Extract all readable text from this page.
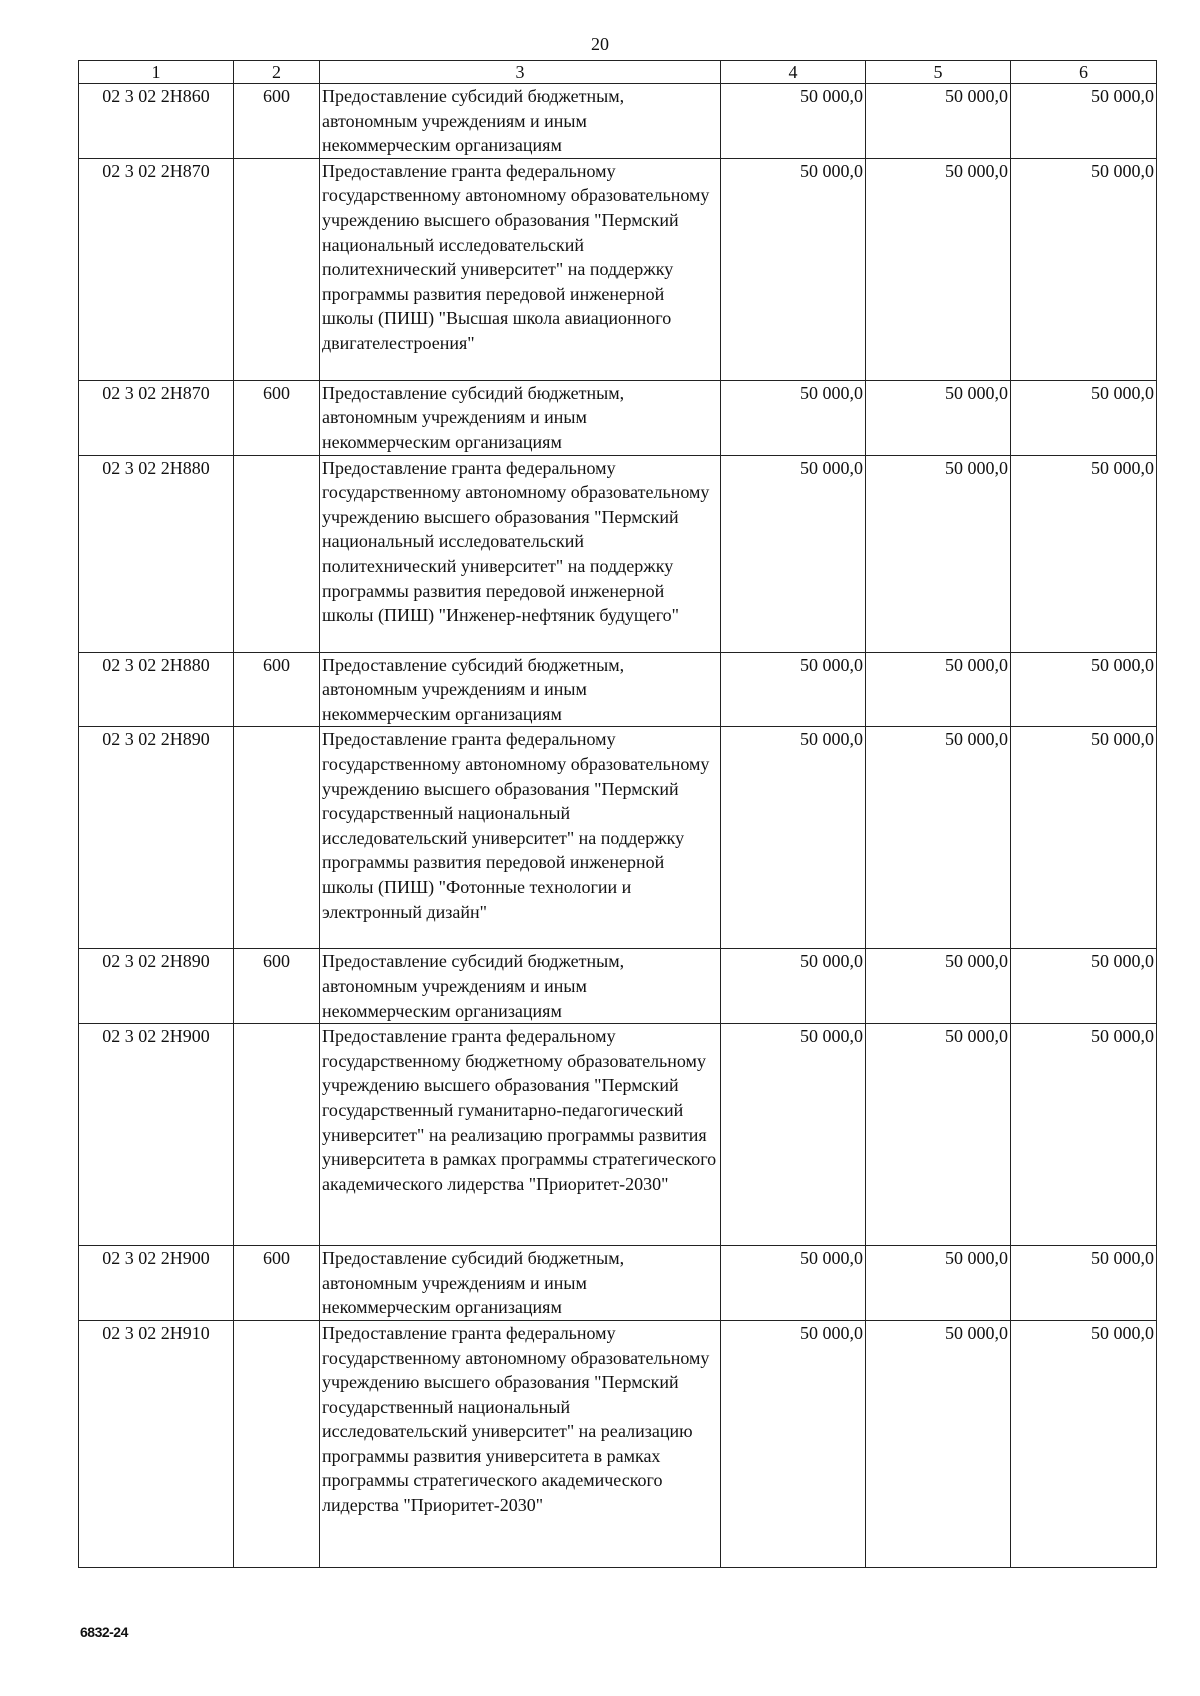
20
1	2	3	4	5	6
02 3 02 2Н860	600	Предоставление субсидий бюджетным, автономным учреждениям и иным некоммерческим организациям	50 000,0	50 000,0	50 000,0
02 3 02 2Н870		Предоставление гранта федеральному государственному автономному образовательному учреждению высшего образования "Пермский национальный исследовательский политехнический университет" на поддержку программы развития передовой инженерной школы (ПИШ) "Высшая школа авиационного двигателестроения"	50 000,0	50 000,0	50 000,0
02 3 02 2Н870	600	Предоставление субсидий бюджетным, автономным учреждениям и иным некоммерческим организациям	50 000,0	50 000,0	50 000,0
02 3 02 2Н880		Предоставление гранта федеральному государственному автономному образовательному учреждению высшего образования "Пермский национальный исследовательский политехнический университет" на поддержку программы развития передовой инженерной школы (ПИШ) "Инженер-нефтяник будущего"	50 000,0	50 000,0	50 000,0
02 3 02 2Н880	600	Предоставление субсидий бюджетным, автономным учреждениям и иным некоммерческим организациям	50 000,0	50 000,0	50 000,0
02 3 02 2Н890		Предоставление гранта федеральному государственному автономному образовательному учреждению высшего образования "Пермский государственный национальный исследовательский университет" на поддержку программы развития передовой инженерной школы (ПИШ) "Фотонные технологии и электронный дизайн"	50 000,0	50 000,0	50 000,0
02 3 02 2Н890	600	Предоставление субсидий бюджетным, автономным учреждениям и иным некоммерческим организациям	50 000,0	50 000,0	50 000,0
02 3 02 2Н900		Предоставление гранта федеральному государственному бюджетному образовательному учреждению высшего образования "Пермский государственный гуманитарно-педагогический университет" на реализацию программы развития университета в рамках программы стратегического академического лидерства "Приоритет-2030"	50 000,0	50 000,0	50 000,0
02 3 02 2Н900	600	Предоставление субсидий бюджетным, автономным учреждениям и иным некоммерческим организациям	50 000,0	50 000,0	50 000,0
02 3 02 2Н910		Предоставление гранта федеральному государственному автономному образовательному учреждению высшего образования "Пермский государственный национальный исследовательский университет" на реализацию программы развития университета в рамках программы стратегического академического лидерства "Приоритет-2030"	50 000,0	50 000,0	50 000,0
6832-24
